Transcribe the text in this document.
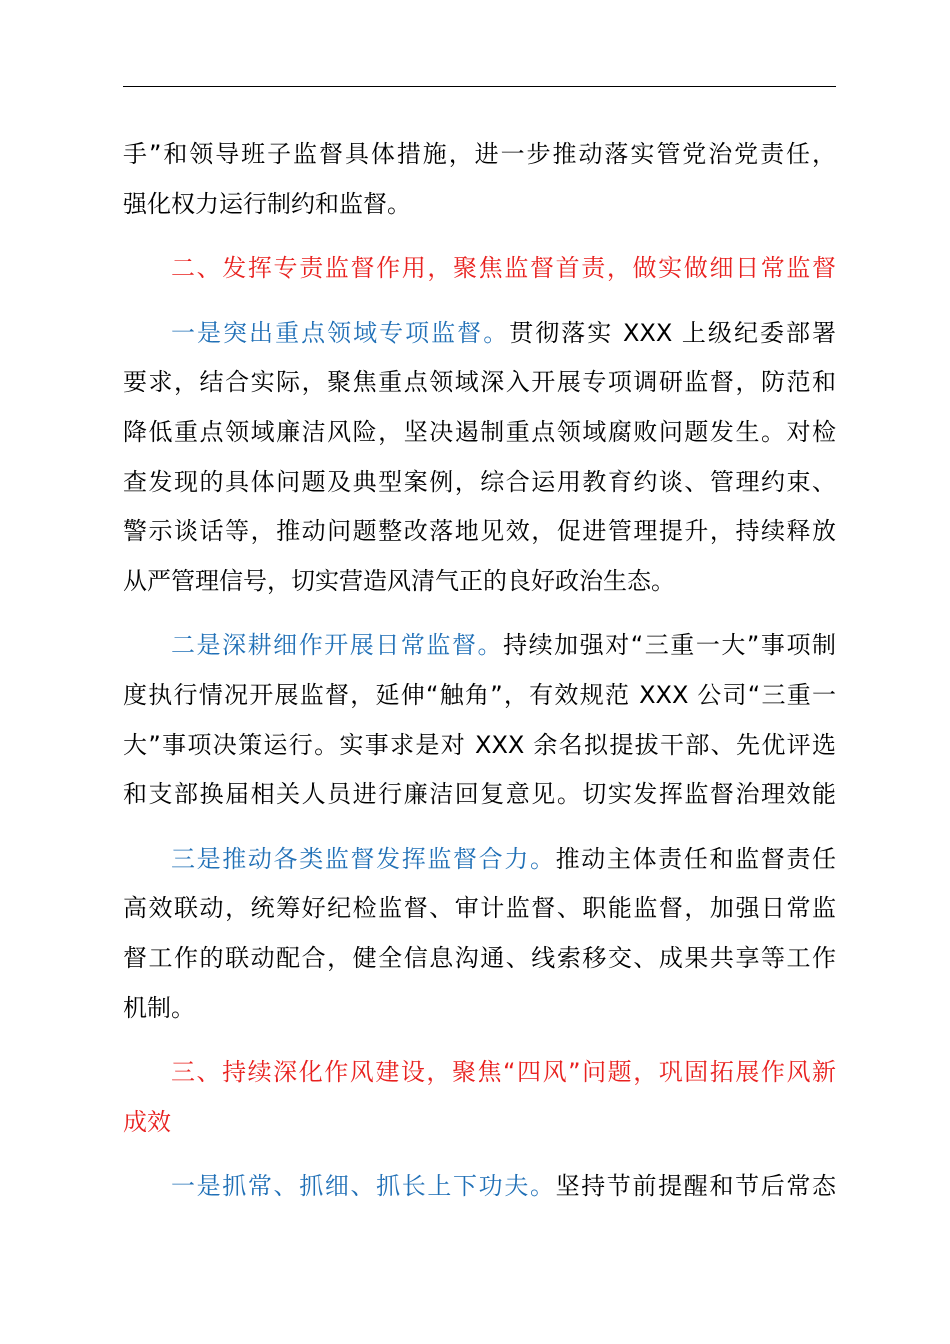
手”和领导班子监督具体措施，进一步推动落实管党治党责任，
强化权力运行制约和监督。
二、发挥专责监督作用，聚焦监督首责，做实做细日常监督
一是突出重点领域专项监督。贯彻落实 XXX 上级纪委部署
要求，结合实际，聚焦重点领域深入开展专项调研监督，防范和
降低重点领域廉洁风险，坚决遏制重点领域腐败问题发生。对检
查发现的具体问题及典型案例，综合运用教育约谈、管理约束、
警示谈话等，推动问题整改落地见效，促进管理提升，持续释放
从严管理信号，切实营造风清气正的良好政治生态。
二是深耕细作开展日常监督。持续加强对“三重一大”事项制
度执行情况开展监督，延伸“触角”，有效规范 XXX 公司“三重一
大”事项决策运行。实事求是对 XXX 余名拟提拔干部、先优评选
和支部换届相关人员进行廉洁回复意见。切实发挥监督治理效能
三是推动各类监督发挥监督合力。推动主体责任和监督责任
高效联动，统筹好纪检监督、审计监督、职能监督，加强日常监
督工作的联动配合，健全信息沟通、线索移交、成果共享等工作
机制。
三、持续深化作风建设，聚焦“四风”问题，巩固拓展作风新
成效
一是抓常、抓细、抓长上下功夫。坚持节前提醒和节后常态
